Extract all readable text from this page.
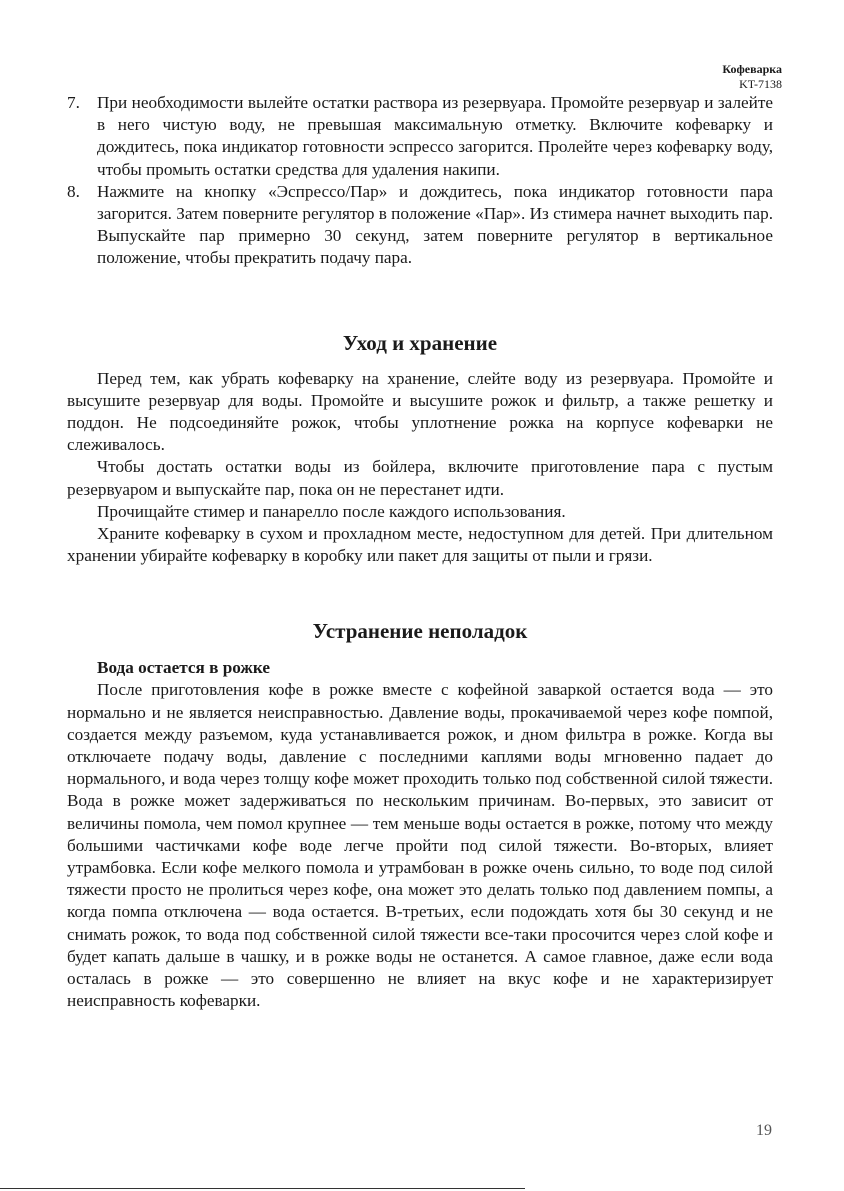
Кофеварка
KT-7138
7. При необходимости вылейте остатки раствора из резервуара. Промойте резервуар и залейте в него чистую воду, не превышая максимальную отметку. Включите кофеварку и дождитесь, пока индикатор готовности эспрессо загорится. Пролейте через кофеварку воду, чтобы промыть остатки средства для удаления накипи.
8. Нажмите на кнопку «Эспрессо/Пар» и дождитесь, пока индикатор готовности пара загорится. Затем поверните регулятор в положение «Пар». Из стимера начнет выходить пар. Выпускайте пар примерно 30 секунд, затем поверните регулятор в вертикальное положение, чтобы прекратить подачу пара.
Уход и хранение

Перед тем, как убрать кофеварку на хранение, слейте воду из резервуара. Промойте и высушите резервуар для воды. Промойте и высушите рожок и фильтр, а также решетку и поддон. Не подсоединяйте рожок, чтобы уплотнение рожка на корпусе кофеварки не слеживалось.

Чтобы достать остатки воды из бойлера, включите приготовление пара с пустым резервуаром и выпускайте пар, пока он не перестанет идти.

Прочищайте стимер и панарелло после каждого использования.

Храните кофеварку в сухом и прохладном месте, недоступном для детей. При длительном хранении убирайте кофеварку в коробку или пакет для защиты от пыли и грязи.

Устранение неполадок
Вода остается в рожке

После приготовления кофе в рожке вместе с кофейной заваркой остается вода — это нормально и не является неисправностью. Давление воды, прокачиваемой через кофе помпой, создается между разъемом, куда устанавливается рожок, и дном фильтра в рожке. Когда вы отключаете подачу воды, давление с последними каплями воды мгновенно падает до нормального, и вода через толщу кофе может проходить только под собственной силой тяжести. Вода в рожке может задерживаться по нескольким причинам. Во-первых, это зависит от величины помола, чем помол крупнее — тем меньше воды остается в рожке, потому что между большими частичками кофе воде легче пройти под силой тяжести. Во-вторых, влияет утрамбовка. Если кофе мелкого помола и утрамбован в рожке очень сильно, то воде под силой тяжести просто не пролиться через кофе, она может это делать только под давлением помпы, а когда помпа отключена — вода остается. В-третьих, если подождать хотя бы 30 секунд и не снимать рожок, то вода под собственной силой тяжести все-таки просочится через слой кофе и будет капать дальше в чашку, и в рожке воды не останется. А самое главное, даже если вода осталась в рожке — это совершенно не влияет на вкус кофе и не характеризирует неисправность кофеварки.

19
